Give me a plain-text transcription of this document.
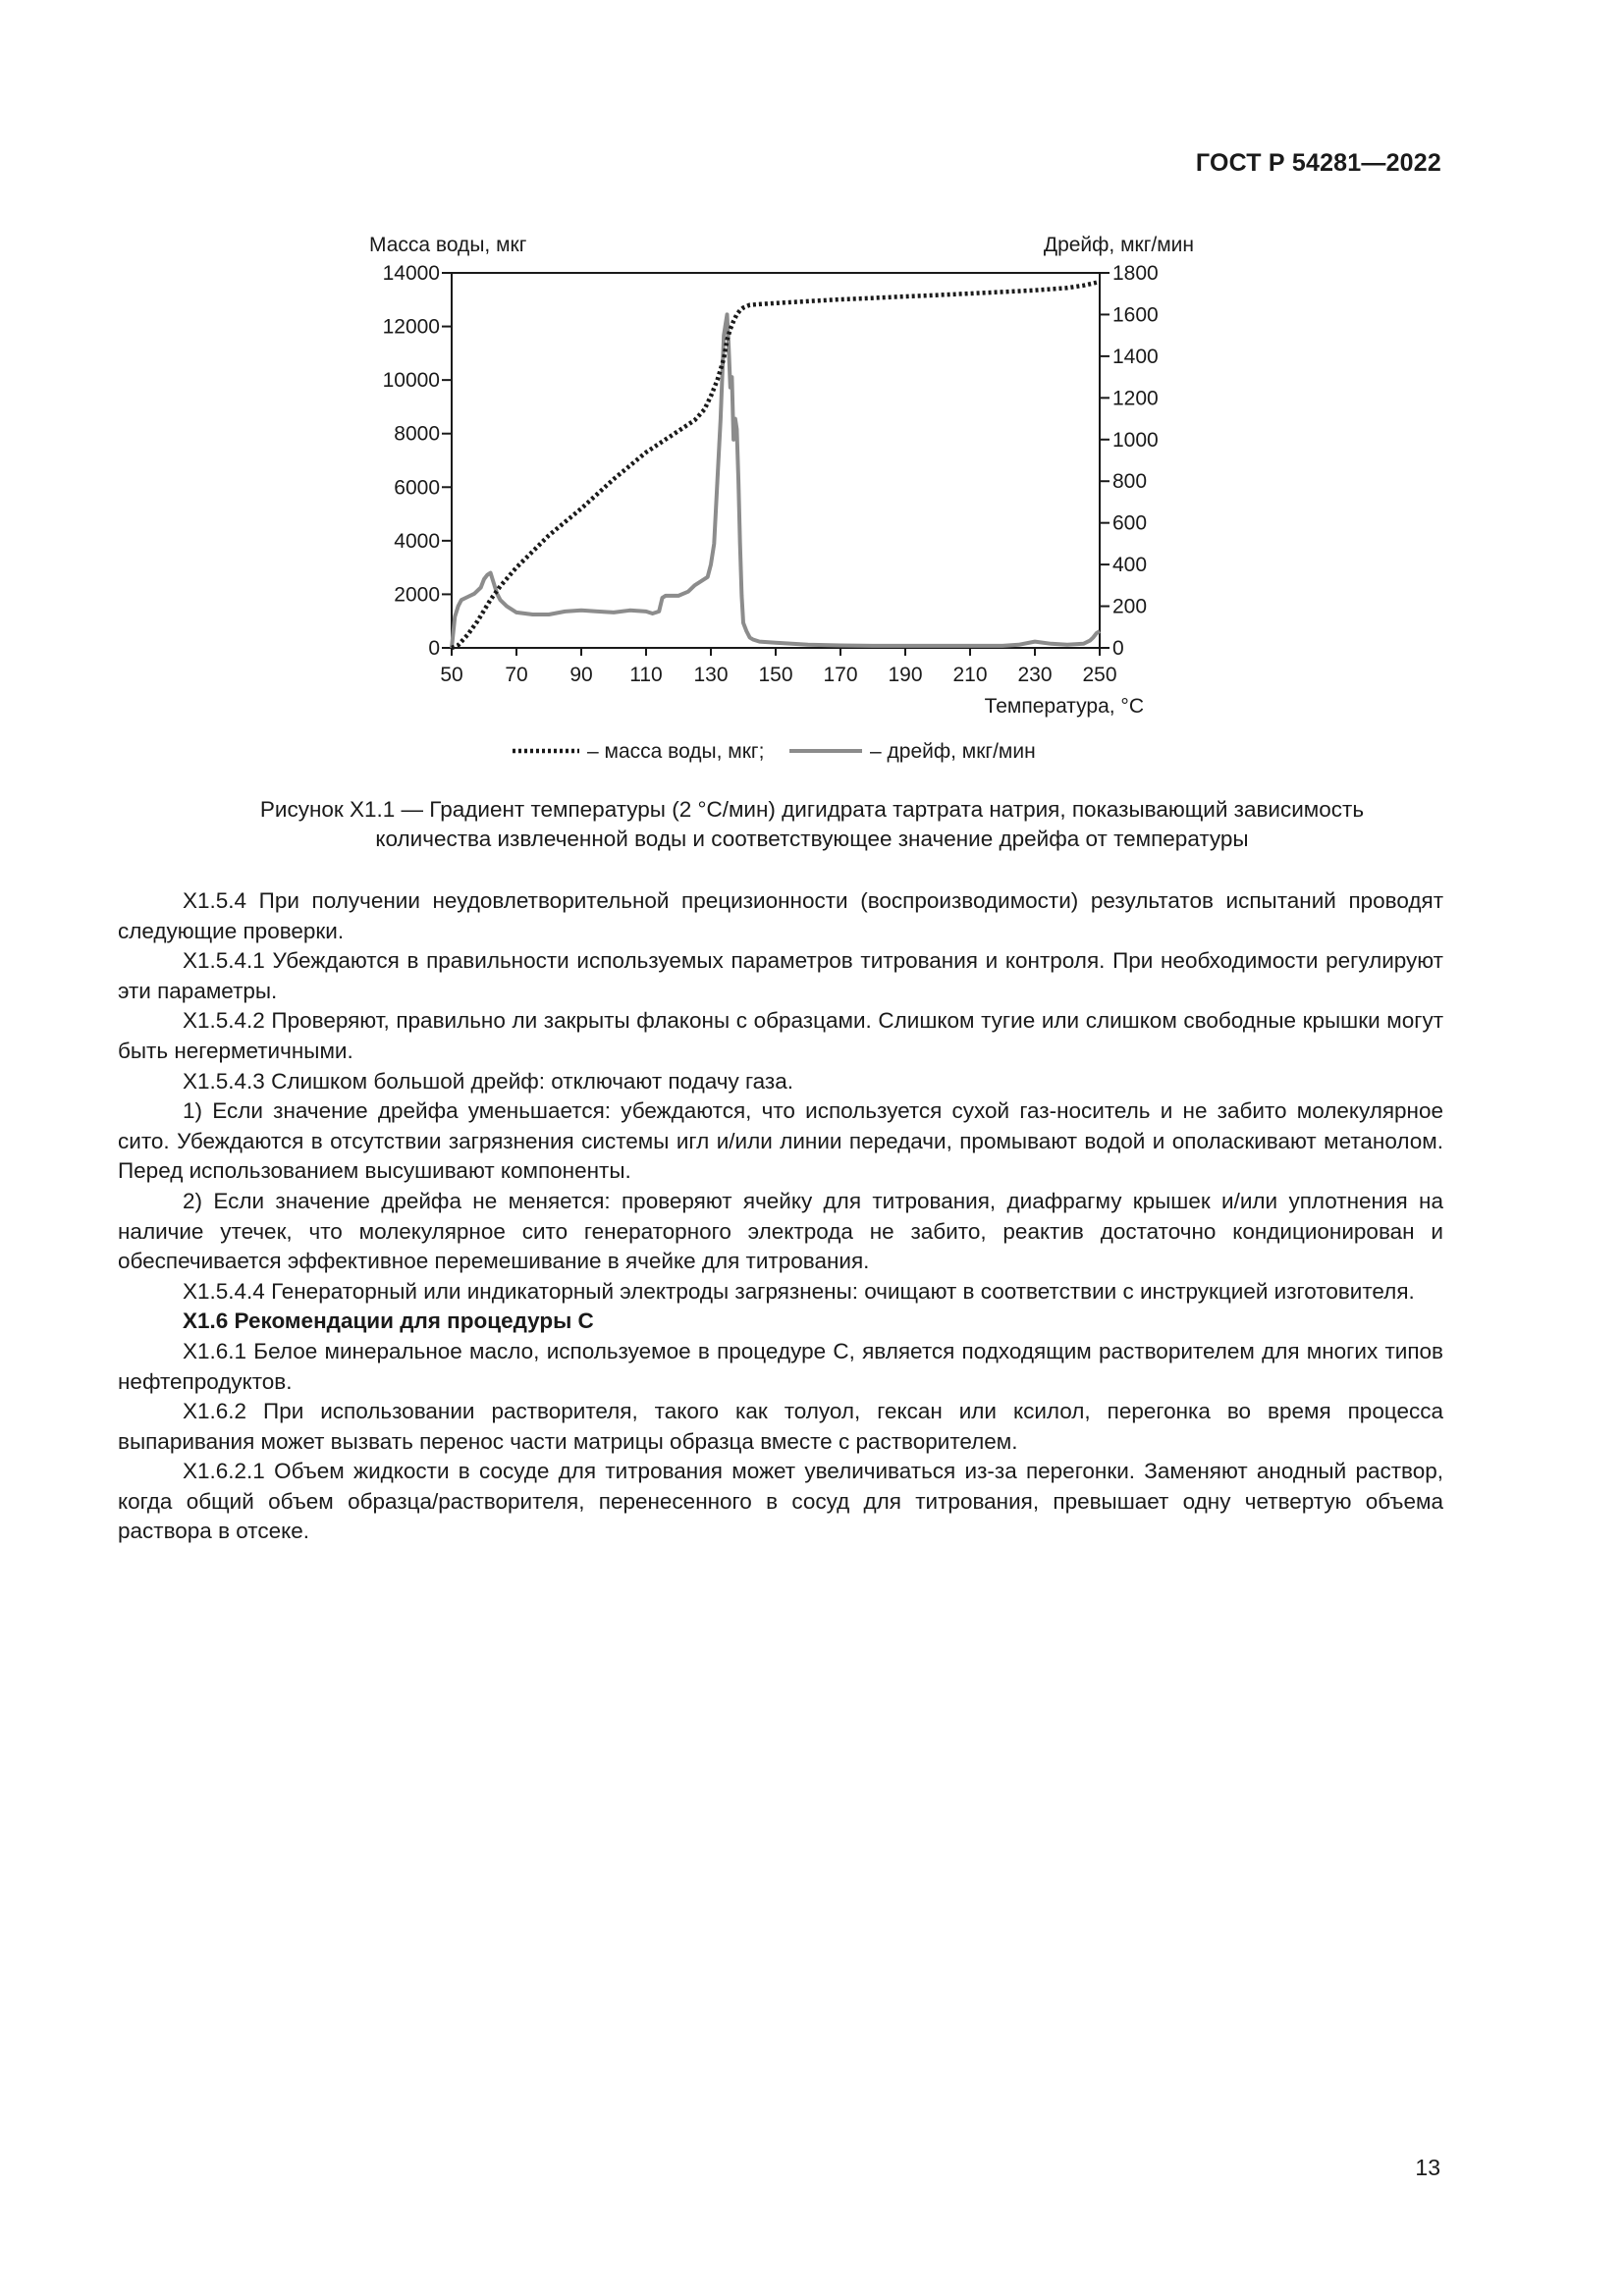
ГОСТ Р 54281—2022
50 70 90 110 130 150 170 190 210 230 250
0
2000
4000
6000
8000
10000
12000
14000
0
200
400
600
800
1000
1200
1400
1600
1800
Масса воды, мкг	Дрейф, мкг/мин
Температура, °C
– масса воды, мкг;	– дрейф, мкг/мин
Рисунок Х1.1 — Градиент температуры (2 °С/мин) дигидрата тартрата натрия, показывающий зависимость
количества извлеченной воды и соответствующее значение дрейфа от температуры

X1.5.4 При получении неудовлетворительной прецизионности (воспроизводимости) результатов испытаний проводят следующие проверки.

X1.5.4.1 Убеждаются в правильности используемых параметров титрования и контроля. При необходимости регулируют эти параметры.

X1.5.4.2 Проверяют, правильно ли закрыты флаконы с образцами. Слишком тугие или слишком свободные крышки могут быть негерметичными.

X1.5.4.3 Слишком большой дрейф: отключают подачу газа.

1) Если значение дрейфа уменьшается: убеждаются, что используется сухой газ-носитель и не забито молекулярное сито. Убеждаются в отсутствии загрязнения системы игл и/или линии передачи, промывают водой и ополаскивают метанолом. Перед использованием высушивают компоненты.

2) Если значение дрейфа не меняется: проверяют ячейку для титрования, диафрагму крышек и/или уплотнения на наличие утечек, что молекулярное сито генераторного электрода не забито, реактив достаточно кондиционирован и обеспечивается эффективное перемешивание в ячейке для титрования.

X1.5.4.4 Генераторный или индикаторный электроды загрязнены: очищают в соответствии с инструкцией изготовителя.

X1.6 Рекомендации для процедуры С

X1.6.1 Белое минеральное масло, используемое в процедуре С, является подходящим растворителем для многих типов нефтепродуктов.

X1.6.2 При использовании растворителя, такого как толуол, гексан или ксилол, перегонка во время процесса выпаривания может вызвать перенос части матрицы образца вместе с растворителем.

X1.6.2.1 Объем жидкости в сосуде для титрования может увеличиваться из-за перегонки. Заменяют анодный раствор, когда общий объем образца/растворителя, перенесенного в сосуд для титрования, превышает одну четвертую объема раствора в отсеке.

13
